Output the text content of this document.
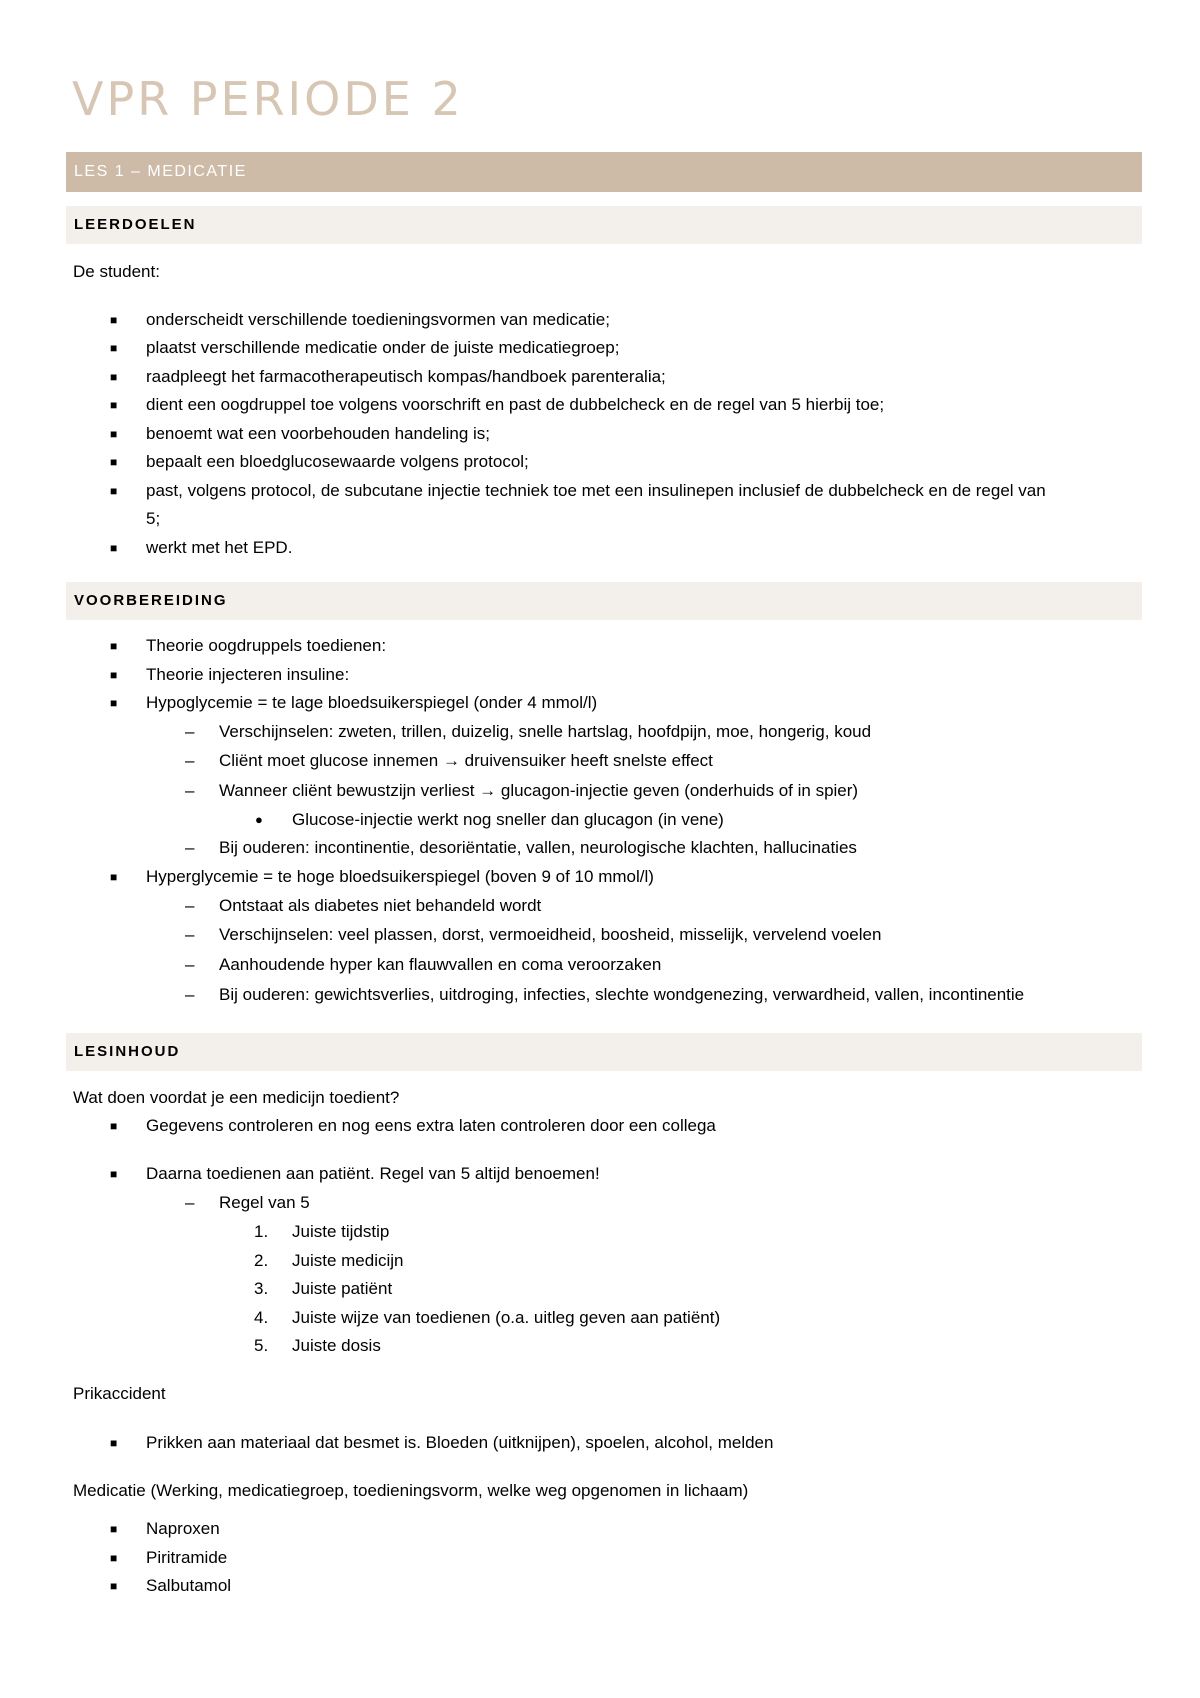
VPR PERIODE 2
LES 1 – MEDICATIE
LEERDOELEN
De student:
■ onderscheidt verschillende toedieningsvormen van medicatie;
■ plaatst verschillende medicatie onder de juiste medicatiegroep;
■ raadpleegt het farmacotherapeutisch kompas/handboek parenteralia;
■ dient een oogdruppel toe volgens voorschrift en past de dubbelcheck en de regel van 5 hierbij toe;
■ benoemt wat een voorbehouden handeling is;
■ bepaalt een bloedglucosewaarde volgens protocol;
■ past, volgens protocol, de subcutane injectie techniek toe met een insulinepen inclusief de dubbelcheck en de regel van
5;
■ werkt met het EPD.
VOORBEREIDING
■ Theorie oogdruppels toedienen:
■ Theorie injecteren insuline:
■ Hypoglycemie = te lage bloedsuikerspiegel (onder 4 mmol/l)
– Verschijnselen: zweten, trillen, duizelig, snelle hartslag, hoofdpijn, moe, hongerig, koud
– Cliënt moet glucose innemen → druivensuiker heeft snelste effect
– Wanneer cliënt bewustzijn verliest → glucagon-injectie geven (onderhuids of in spier)
● Glucose-injectie werkt nog sneller dan glucagon (in vene)
– Bij ouderen: incontinentie, desoriëntatie, vallen, neurologische klachten, hallucinaties
■ Hyperglycemie = te hoge bloedsuikerspiegel (boven 9 of 10 mmol/l)
– Ontstaat als diabetes niet behandeld wordt
– Verschijnselen: veel plassen, dorst, vermoeidheid, boosheid, misselijk, vervelend voelen
– Aanhoudende hyper kan flauwvallen en coma veroorzaken
– Bij ouderen: gewichtsverlies, uitdroging, infecties, slechte wondgenezing, verwardheid, vallen, incontinentie
LESINHOUD
Wat doen voordat je een medicijn toedient?
■ Gegevens controleren en nog eens extra laten controleren door een collega
■ Daarna toedienen aan patiënt. Regel van 5 altijd benoemen!
– Regel van 5
1. Juiste tijdstip
2. Juiste medicijn
3. Juiste patiënt
4. Juiste wijze van toedienen (o.a. uitleg geven aan patiënt)
5. Juiste dosis
Prikaccident
■ Prikken aan materiaal dat besmet is. Bloeden (uitknijpen), spoelen, alcohol, melden
Medicatie (Werking, medicatiegroep, toedieningsvorm, welke weg opgenomen in lichaam)
■ Naproxen
■ Piritramide
■ Salbutamol
